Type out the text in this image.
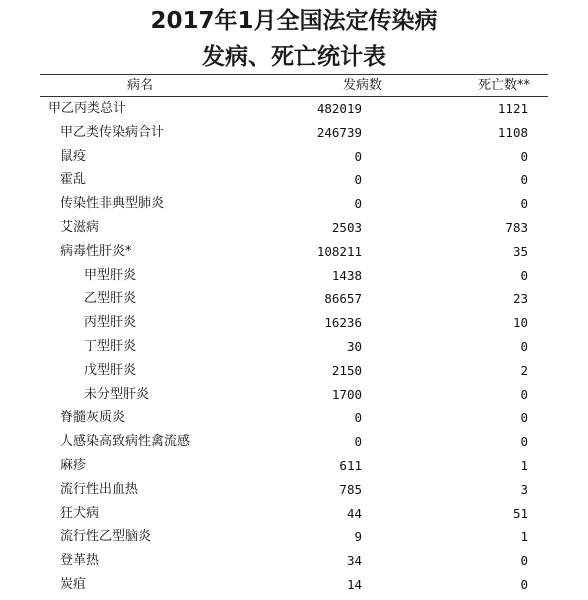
2017年1月全国法定传染病
发病、死亡统计表
病名	发病数	死亡数**
甲乙丙类总计	482019	1121
甲乙类传染病合计	246739	1108
鼠疫	0	0
霍乱	0	0
传染性非典型肺炎	0	0
艾滋病	2503	783
病毒性肝炎*	108211	35
甲型肝炎	1438	0
乙型肝炎	86657	23
丙型肝炎	16236	10
丁型肝炎	30	0
戊型肝炎	2150	2
未分型肝炎	1700	0
脊髓灰质炎	0	0
人感染高致病性禽流感	0	0
麻疹	611	1
流行性出血热	785	3
狂犬病	44	51
流行性乙型脑炎	9	1
登革热	34	0
炭疽	14	0
